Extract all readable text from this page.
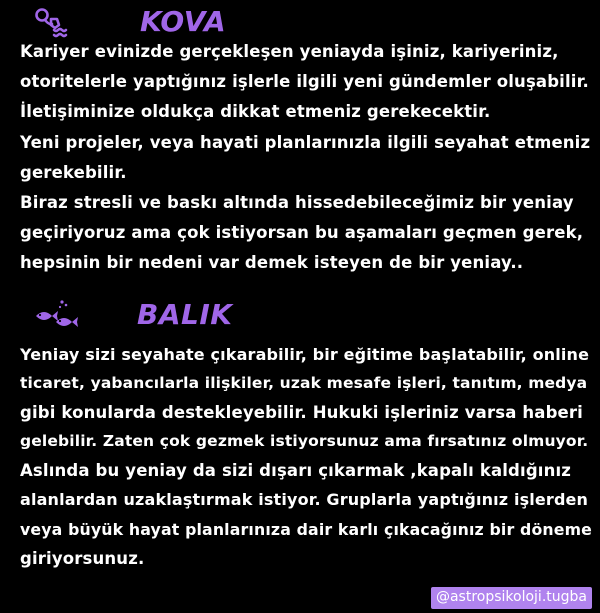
KOVA
Kariyer evinizde gerçekleşen yeniayda işiniz, kariyeriniz,
otoritelerle yaptığınız işlerle ilgili yeni gündemler oluşabilir.
İletişiminize oldukça dikkat etmeniz gerekecektir.
Yeni projeler, veya hayati planlarınızla ilgili seyahat etmeniz
gerekebilir.
Biraz stresli ve baskı altında hissedebileceğimiz bir yeniay
geçiriyoruz ama çok istiyorsan bu aşamaları geçmen gerek,
hepsinin bir nedeni var demek isteyen de bir yeniay..
BALIK
Yeniay sizi seyahate çıkarabilir, bir eğitime başlatabilir, online
ticaret, yabancılarla ilişkiler, uzak mesafe işleri, tanıtım, medya
gibi konularda destekleyebilir. Hukuki işleriniz varsa haberi
gelebilir. Zaten çok gezmek istiyorsunuz ama fırsatınız olmuyor.
Aslında bu yeniay da sizi dışarı çıkarmak ,kapalı kaldığınız
alanlardan uzaklaştırmak istiyor. Gruplarla yaptığınız işlerden
veya büyük hayat planlarınıza dair karlı çıkacağınız bir döneme
giriyorsunuz.
@astropsikoloji.tugba
